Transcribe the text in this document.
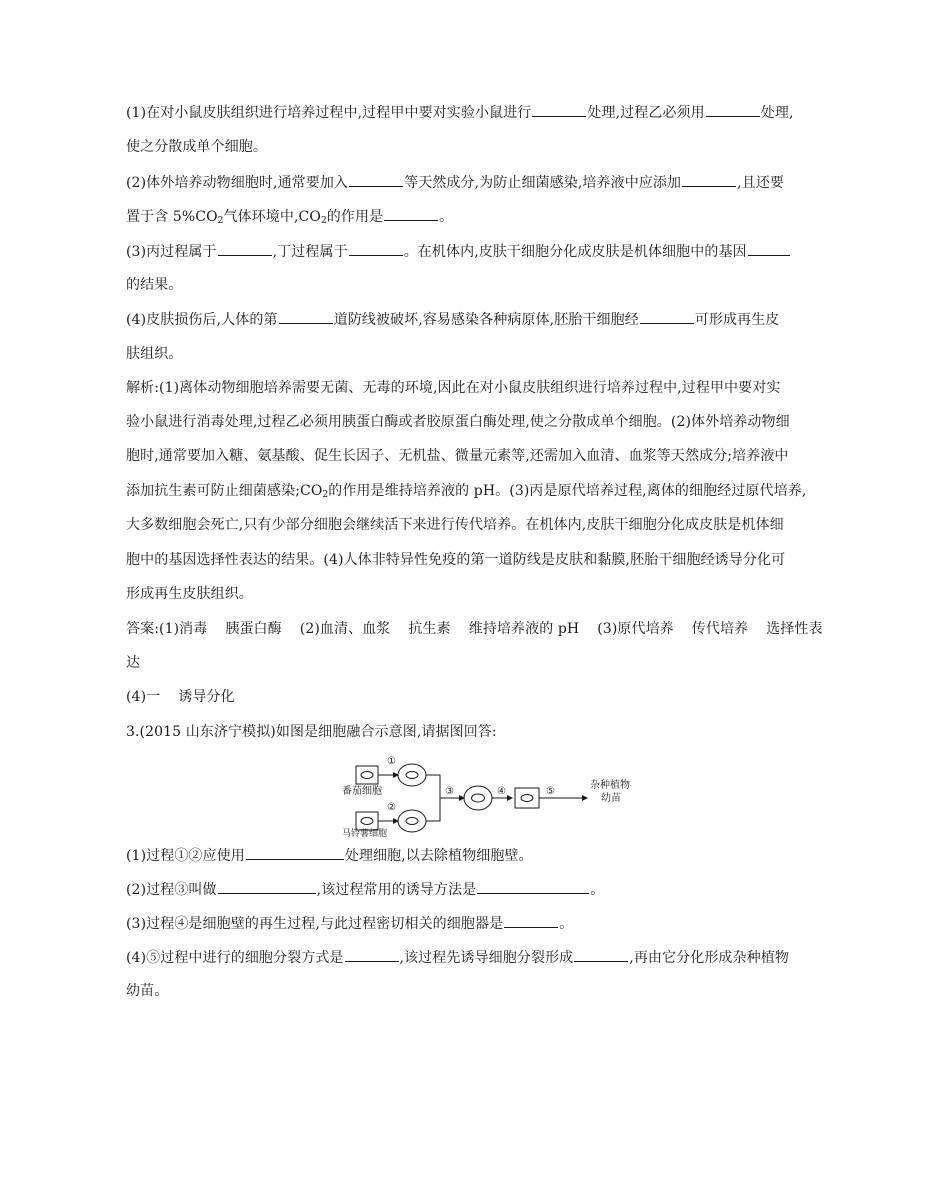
(1)在对小鼠皮肤组织进行培养过程中,过程甲中要对实验小鼠进行	处理,过程乙必须用	处理,
使之分散成单个细胞。
(2)体外培养动物细胞时,通常要加入	等天然成分,为防止细菌感染,培养液中应添加	,且还要
置于含 $5\%CO_2$气体环境中$,CO_2$的作用是	。
(3)丙过程属于	,丁过程属于	。在机体内,皮肤干细胞分化成皮肤是机体细胞中的基因
的结果。
(4)皮肤损伤后,人体的第	道防线被破坏,容易感染各种病原体,胚胎干细胞经	可形成再生皮
肤组织。
解析:(1)离体动物细胞培养需要无菌、无毒的环境,因此在对小鼠皮肤组织进行培养过程中,过程甲中要对实
验小鼠进行消毒处理,过程乙必须用胰蛋白酶或者胶原蛋白酶处理,使之分散成单个细胞。(2)体外培养动物细
胞时,通常要加入糖、氨基酸、促生长因子、无机盐、微量元素等,还需加入血清、血浆等天然成分;培养液中
添加抗生素可防止细菌感染$;CO_2$的作用是维持培养液的 pH。(3)丙是原代培养过程,离体的细胞经过原代培养,
大多数细胞会死亡,只有少部分细胞会继续活下来进行传代培养。在机体内,皮肤干细胞分化成皮肤是机体细
胞中的基因选择性表达的结果。(4)人体非特异性免疫的第一道防线是皮肤和黏膜,胚胎干细胞经诱导分化可
形成再生皮肤组织。
答案:(1)消毒 胰蛋白酶 (2)血清、血浆 抗生素 维持培养液的 pH (3)原代培养 传代培养 选择性表
达
(4)一 诱导分化
3.(2015 山东济宁模拟)如图是细胞融合示意图,请据图回答:
①
②
③	④	⑤
番茄细胞
马铃薯细胞
杂种植物
幼苗
(1)过程①②应使用	处理细胞,以去除植物细胞壁。
(2)过程③叫做	,该过程常用的诱导方法是	。
(3)过程④是细胞壁的再生过程,与此过程密切相关的细胞器是	。
(4)⑤过程中进行的细胞分裂方式是	,该过程先诱导细胞分裂形成	,再由它分化形成杂种植物
幼苗。
